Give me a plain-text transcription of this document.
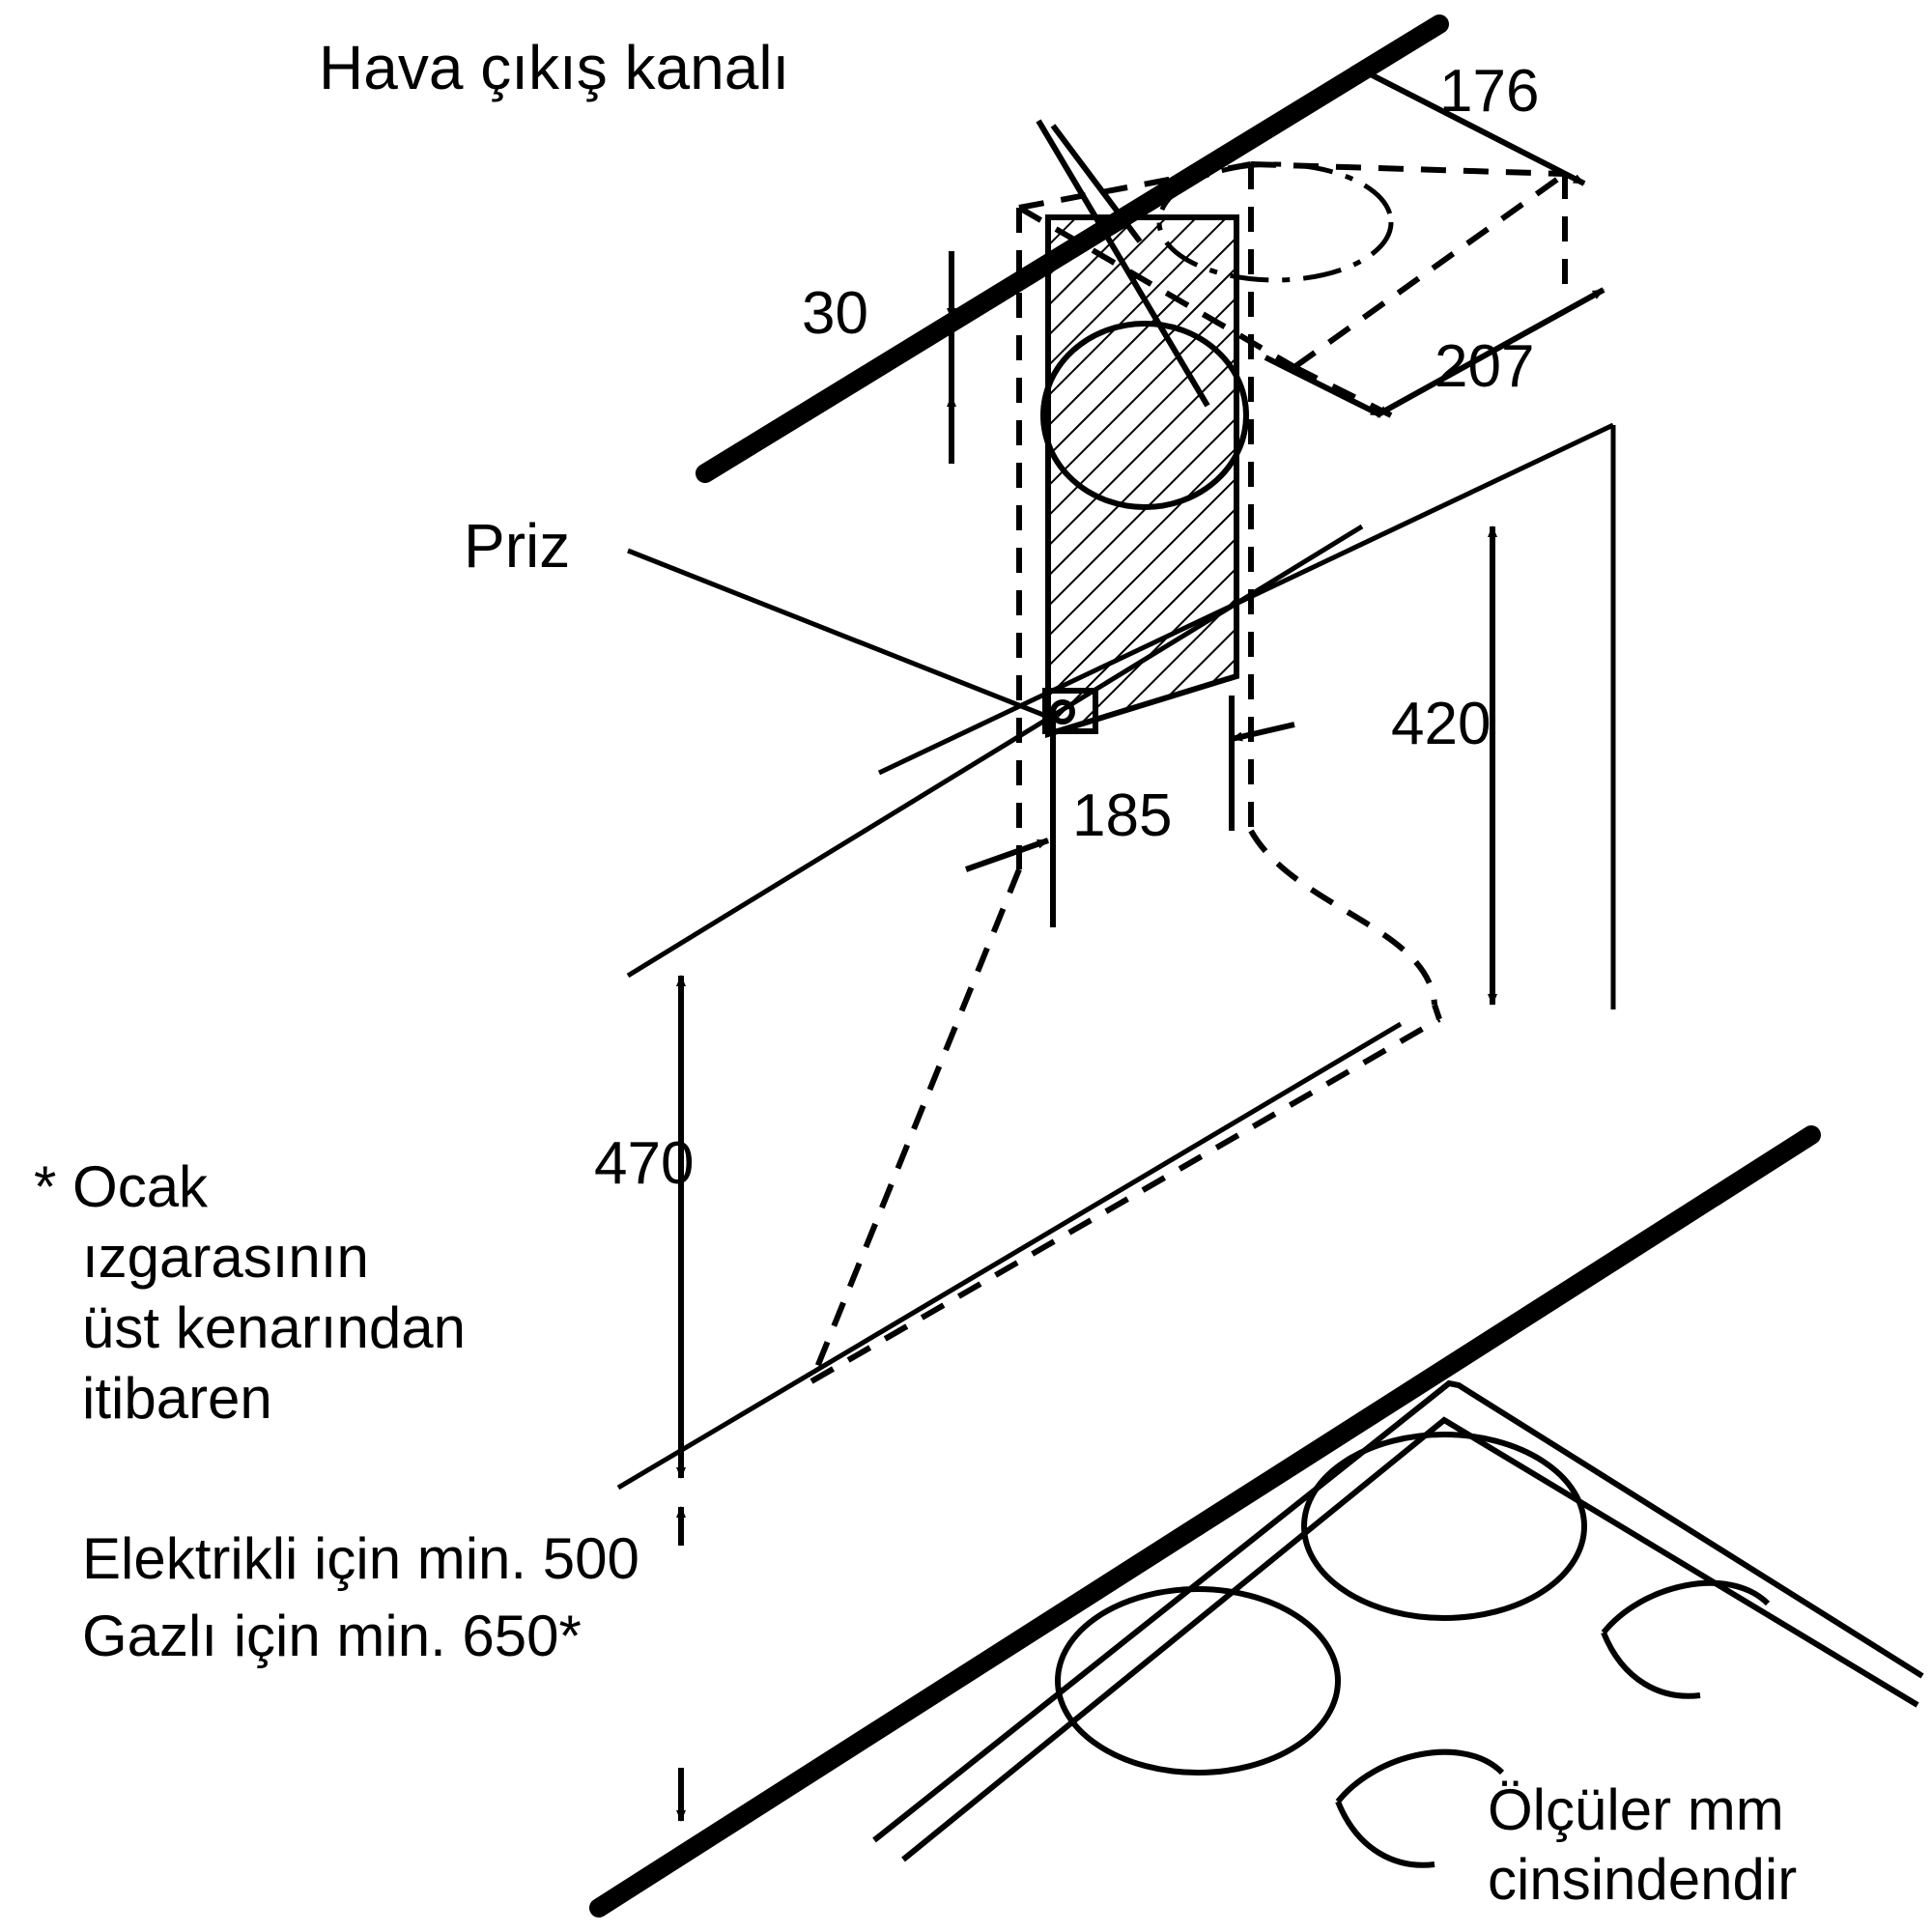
Hava çıkış kanalı
Priz
176
207
30
420
185
470
* Ocak
ızgarasının
üst kenarından
itibaren
Elektrikli için min. 500
Gazlı için min. 650*
Ölçüler mm
cinsindendir
